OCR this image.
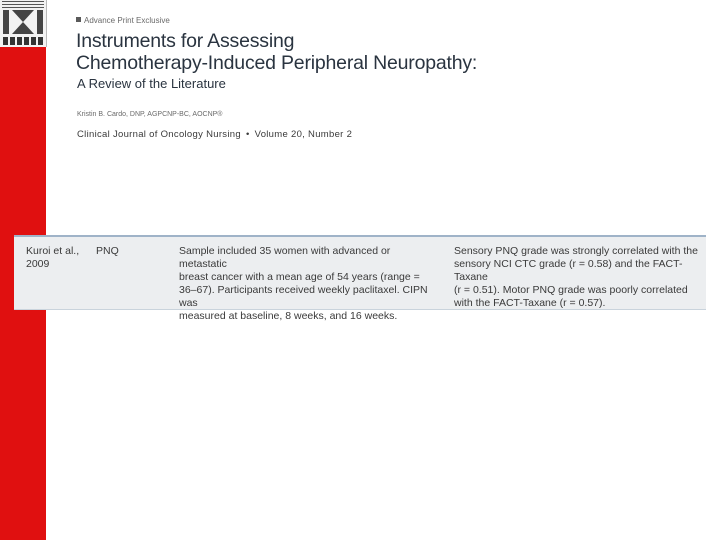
Advance Print Exclusive
Instruments for Assessing
Chemotherapy-Induced Peripheral Neuropathy:
A Review of the Literature
Kristin B. Cardo, DNP, AGPCNP-BC, AOCNP®
Clinical Journal of Oncology Nursing • Volume 20, Number 2
Kuroi et al.,
2009
PNQ	Sample included 35 women with advanced or metastatic
breast cancer with a mean age of 54 years (range =
36–67). Participants received weekly paclitaxel. CIPN was
measured at baseline, 8 weeks, and 16 weeks.
Sensory PNQ grade was strongly correlated with the
sensory NCI CTC grade (r = 0.58) and the FACT-Taxane
(r = 0.51). Motor PNQ grade was poorly correlated
with the FACT-Taxane (r = 0.57).
